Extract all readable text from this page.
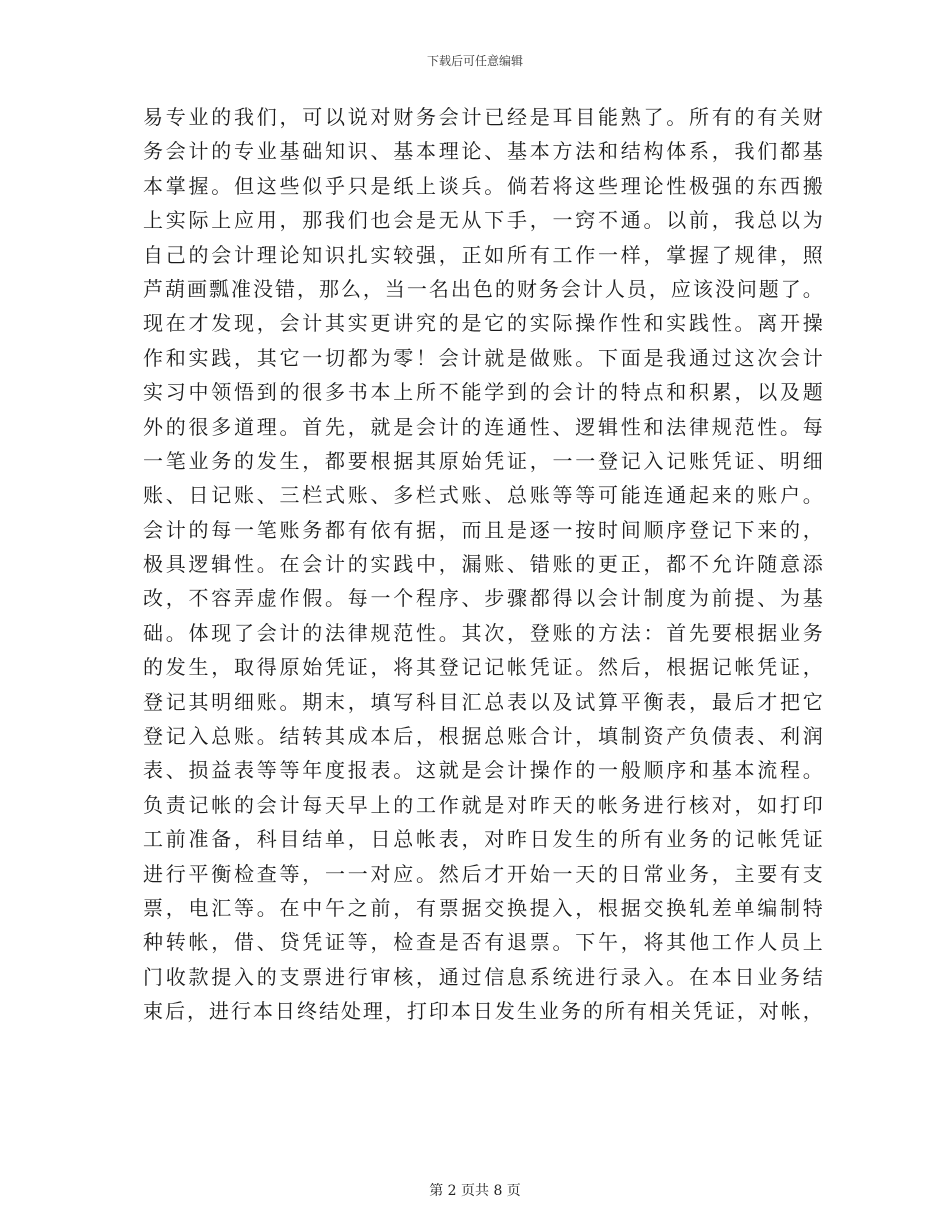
下载后可任意编辑
易专业的我们，可以说对财务会计已经是耳目能熟了。所有的有关财
务会计的专业基础知识、基本理论、基本方法和结构体系，我们都基
本掌握。但这些似乎只是纸上谈兵。倘若将这些理论性极强的东西搬
上实际上应用，那我们也会是无从下手，一窍不通。以前，我总以为
自己的会计理论知识扎实较强，正如所有工作一样，掌握了规律，照
芦葫画瓢准没错，那么，当一名出色的财务会计人员，应该没问题了。
现在才发现，会计其实更讲究的是它的实际操作性和实践性。离开操
作和实践，其它一切都为零！会计就是做账。下面是我通过这次会计
实习中领悟到的很多书本上所不能学到的会计的特点和积累，以及题
外的很多道理。首先，就是会计的连通性、逻辑性和法律规范性。每
一笔业务的发生，都要根据其原始凭证，一一登记入记账凭证、明细
账、日记账、三栏式账、多栏式账、总账等等可能连通起来的账户。
会计的每一笔账务都有依有据，而且是逐一按时间顺序登记下来的，
极具逻辑性。在会计的实践中，漏账、错账的更正，都不允许随意添
改，不容弄虚作假。每一个程序、步骤都得以会计制度为前提、为基
础。体现了会计的法律规范性。其次，登账的方法：首先要根据业务
的发生，取得原始凭证，将其登记记帐凭证。然后，根据记帐凭证，
登记其明细账。期末，填写科目汇总表以及试算平衡表，最后才把它
登记入总账。结转其成本后，根据总账合计，填制资产负债表、利润
表、损益表等等年度报表。这就是会计操作的一般顺序和基本流程。
负责记帐的会计每天早上的工作就是对昨天的帐务进行核对，如打印
工前准备，科目结单，日总帐表，对昨日发生的所有业务的记帐凭证
进行平衡检查等，一一对应。然后才开始一天的日常业务，主要有支
票，电汇等。在中午之前，有票据交换提入，根据交换轧差单编制特
种转帐，借、贷凭证等，检查是否有退票。下午，将其他工作人员上
门收款提入的支票进行审核，通过信息系统进行录入。在本日业务结
束后，进行本日终结处理，打印本日发生业务的所有相关凭证，对帐，
第 2 页共 8 页
